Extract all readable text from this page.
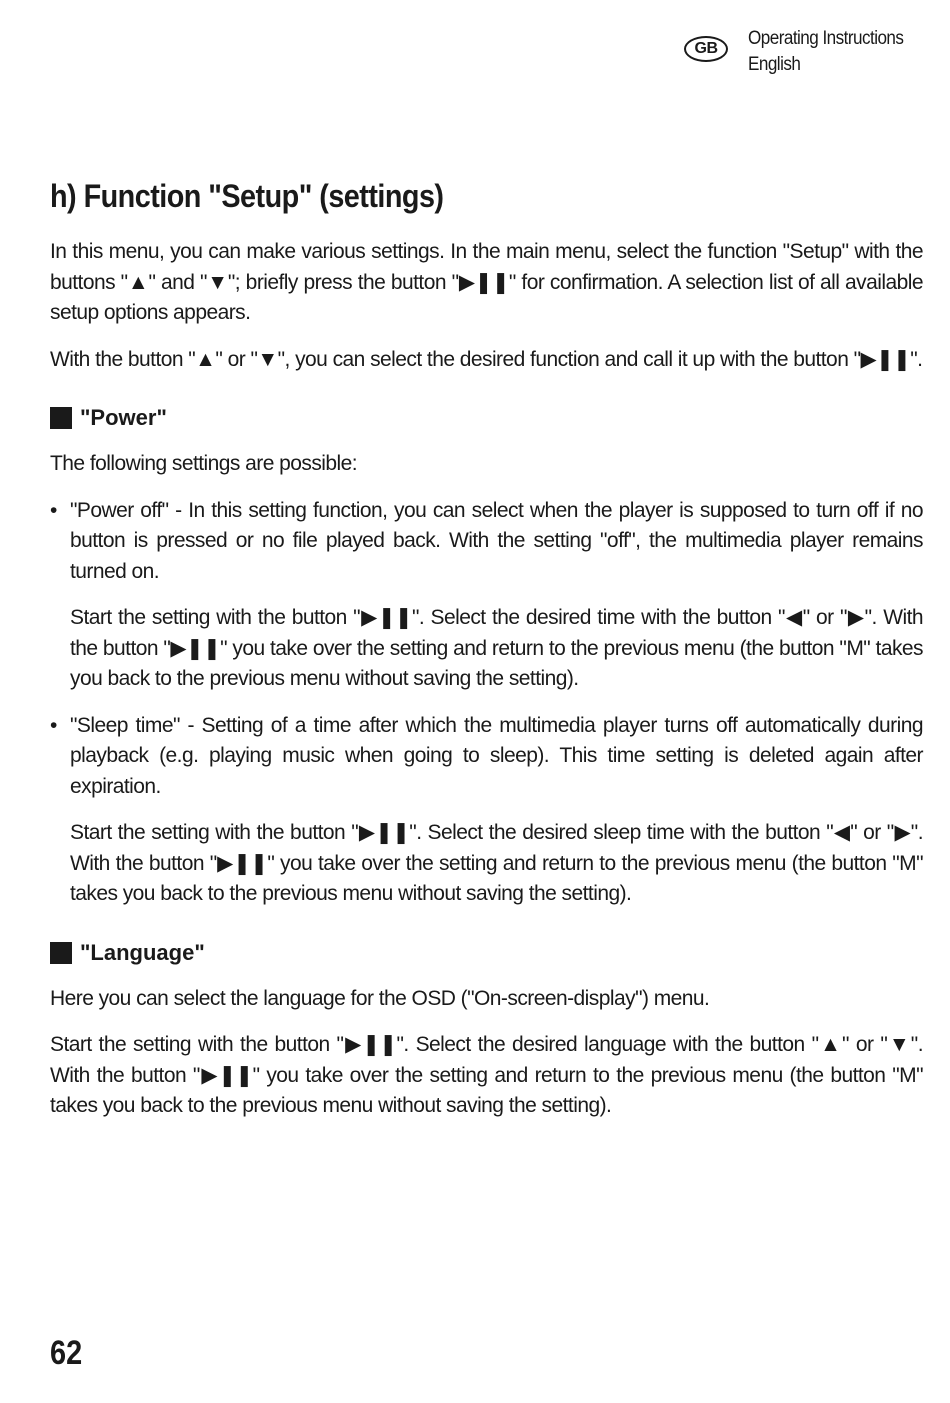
GB	Operating Instructions
English
h) Function "Setup" (settings)

In this menu, you can make various settings. In the main menu, select the function "Setup" with the buttons "▲" and "▼"; briefly press the button "▶❚❚" for confirmation. A selection list of all available setup options appears.

With the button "▲" or "▼", you can select the desired function and call it up with the button "▶❚❚".

"Power"

The following settings are possible:

• "Power off" - In this setting function, you can select when the player is supposed to turn off if no button is pressed or no file played back. With the setting "off", the multimedia player remains turned on.

Start the setting with the button "▶❚❚". Select the desired time with the button "◀" or "▶". With the button "▶❚❚" you take over the setting and return to the previous menu (the button "M" takes you back to the previous menu without saving the setting).

• "Sleep time" - Setting of a time after which the multimedia player turns off automatically during playback (e.g. playing music when going to sleep). This time setting is deleted again after expiration.

Start the setting with the button "▶❚❚". Select the desired sleep time with the button "◀" or "▶". With the button "▶❚❚" you take over the setting and return to the previous menu (the button "M" takes you back to the previous menu without saving the setting).

"Language"

Here you can select the language for the OSD ("On-screen-display") menu.

Start the setting with the button "▶❚❚". Select the desired language with the button "▲" or "▼". With the button "▶❚❚" you take over the setting and return to the previous menu (the button "M" takes you back to the previous menu without saving the setting).

62
